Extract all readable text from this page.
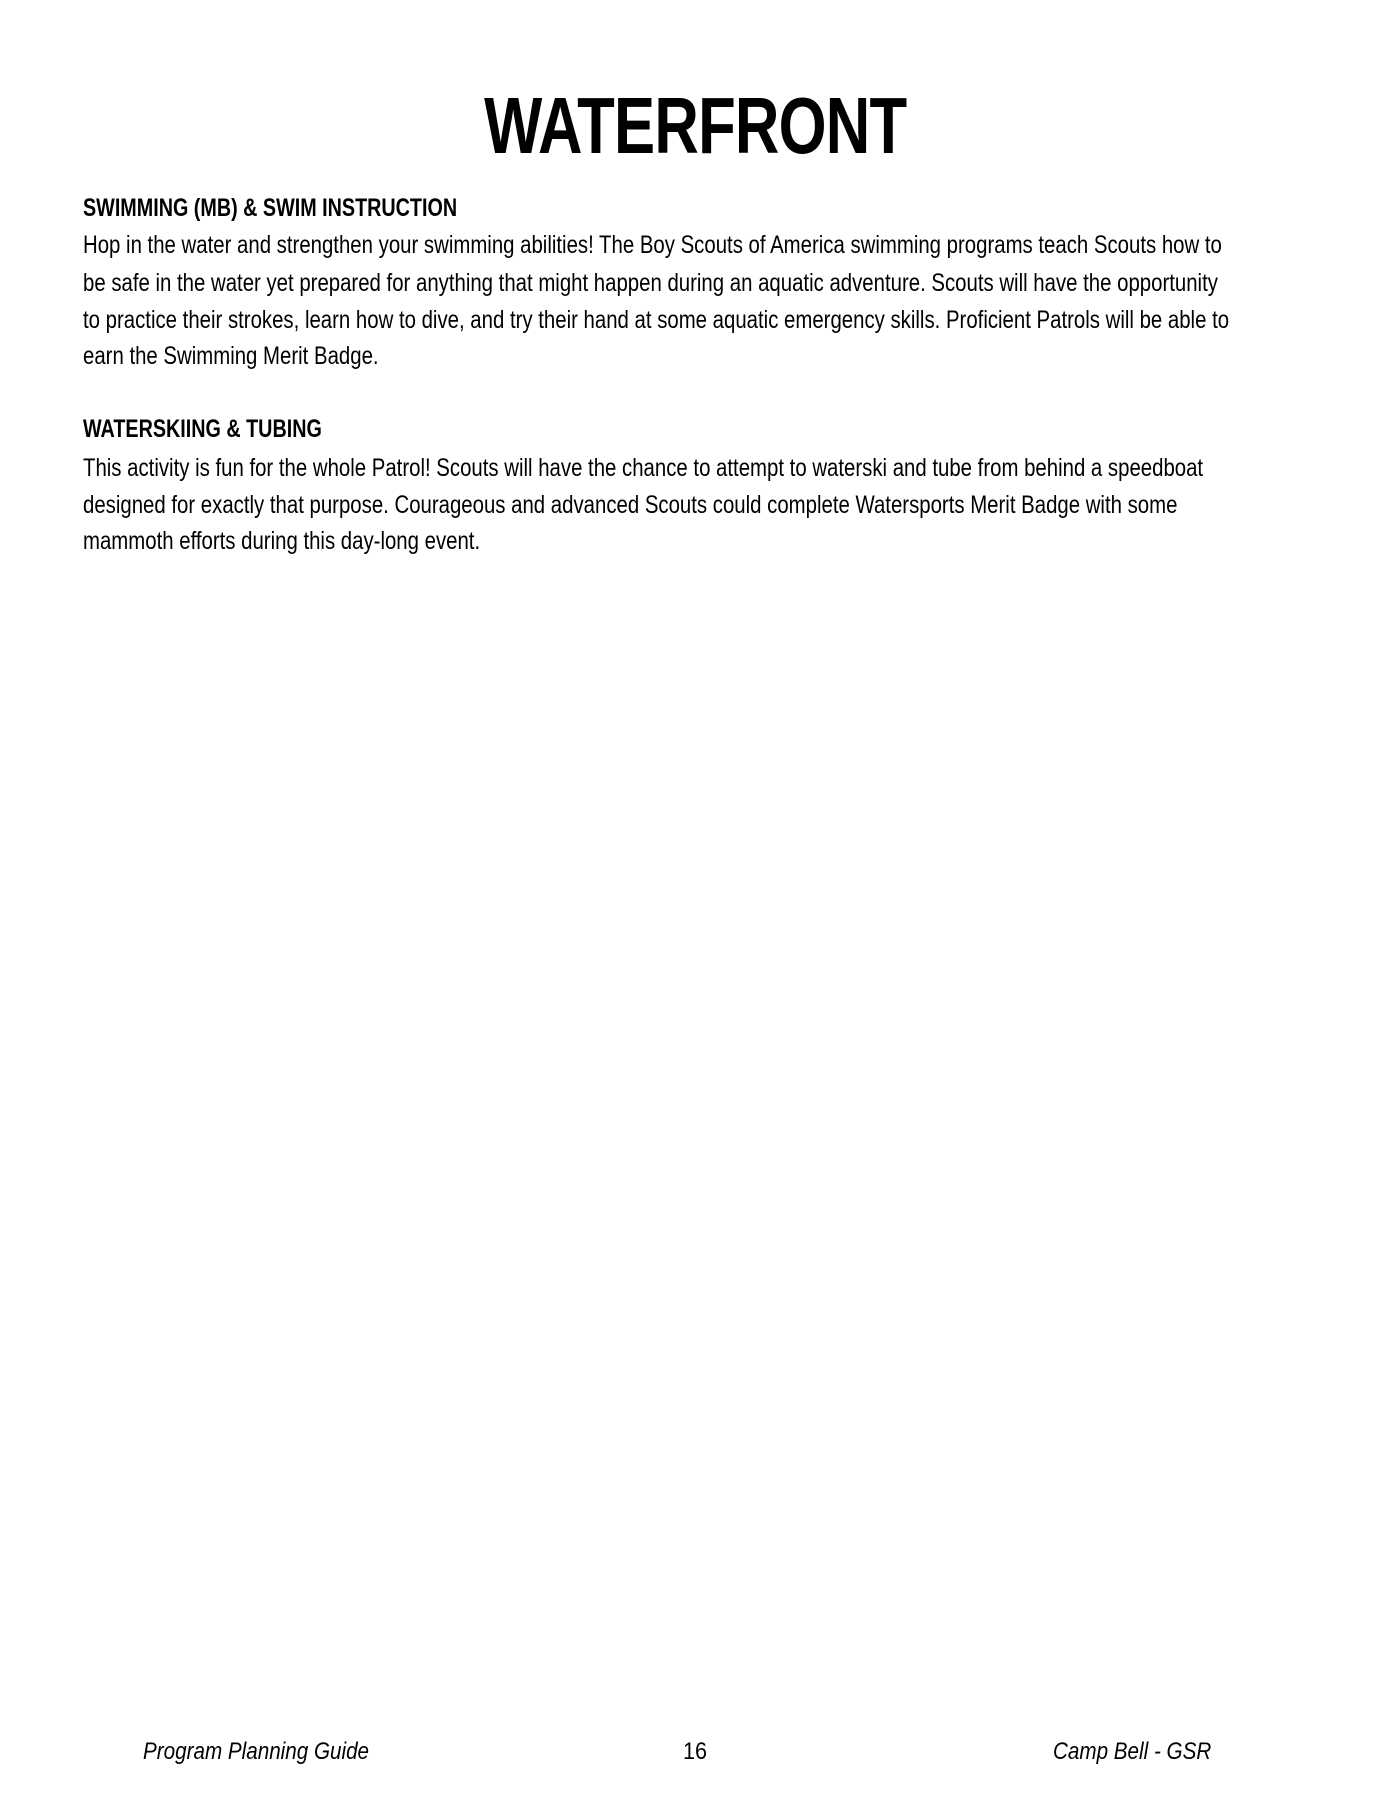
WATERFRONT
SWIMMING (MB) & SWIM INSTRUCTION
Hop in the water and strengthen your swimming abilities! The Boy Scouts of America swimming programs teach Scouts how to
be safe in the water yet prepared for anything that might happen during an aquatic adventure. Scouts will have the opportunity
to practice their strokes, learn how to dive, and try their hand at some aquatic emergency skills. Proficient Patrols will be able to
earn the Swimming Merit Badge.
WATERSKIING & TUBING
This activity is fun for the whole Patrol! Scouts will have the chance to attempt to waterski and tube from behind a speedboat
designed for exactly that purpose. Courageous and advanced Scouts could complete Watersports Merit Badge with some
mammoth efforts during this day-long event.
Program Planning Guide	16	Camp Bell - GSR
